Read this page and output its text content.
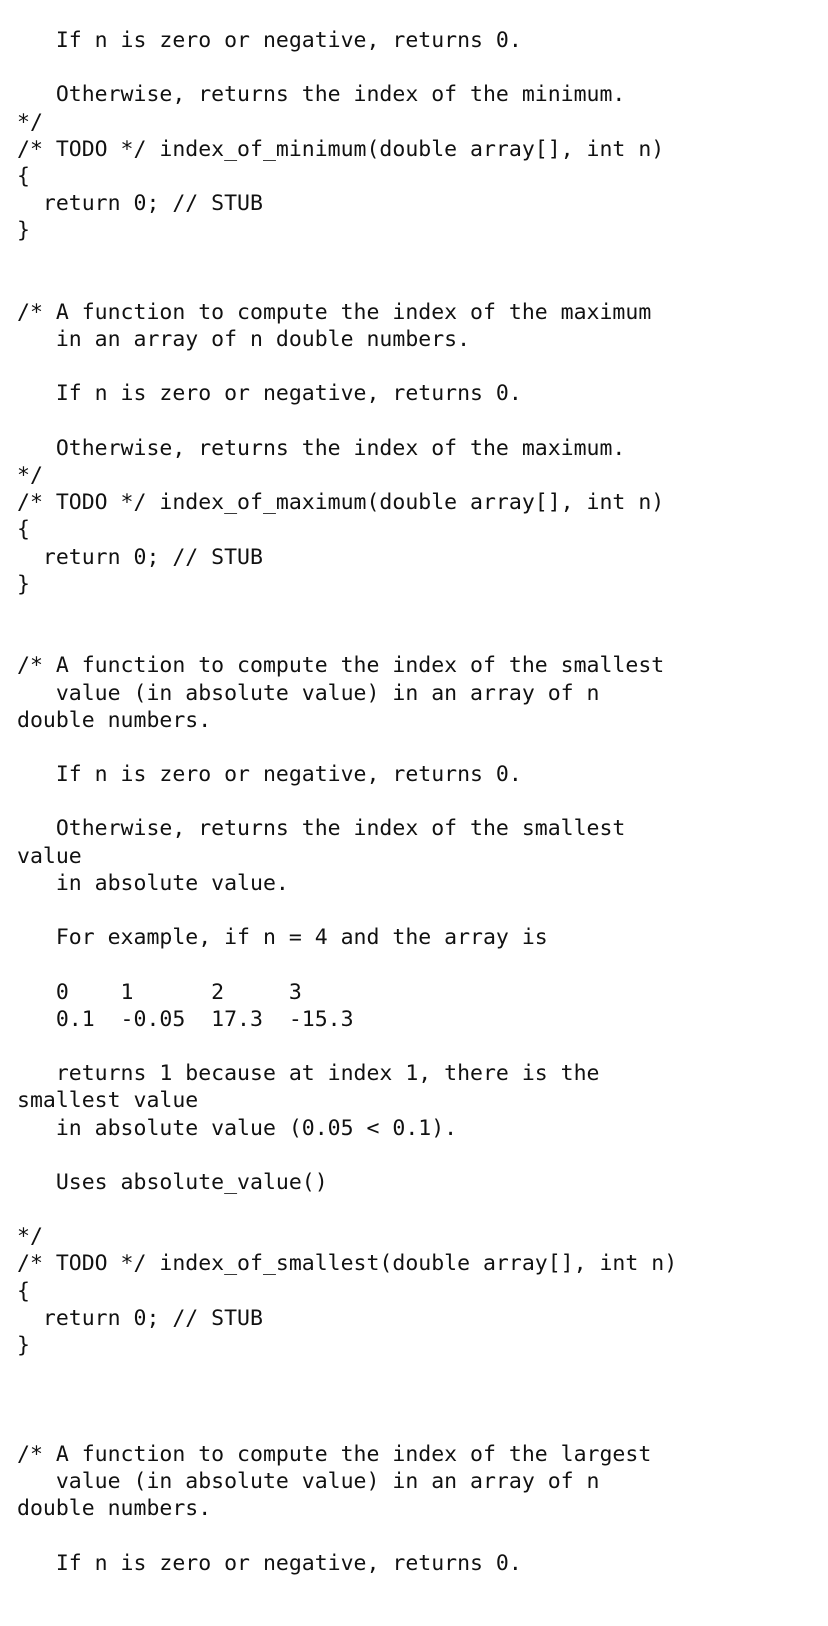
If n is zero or negative, returns 0.
Otherwise, returns the index of the minimum.
*/
/* TODO */ index_of_minimum(double array[], int n)
{
return 0; // STUB
}
/* A function to compute the index of the maximum
in an array of n double numbers.
If n is zero or negative, returns 0.
Otherwise, returns the index of the maximum.
*/
/* TODO */ index_of_maximum(double array[], int n)
{
return 0; // STUB
}
/* A function to compute the index of the smallest
value (in absolute value) in an array of n
double numbers.
If n is zero or negative, returns 0.
Otherwise, returns the index of the smallest
value
in absolute value.
For example, if n = 4 and the array is
0    1      2     3
0.1  -0.05  17.3  -15.3
returns 1 because at index 1, there is the
smallest value
in absolute value (0.05 < 0.1).
Uses absolute_value()
*/
/* TODO */ index_of_smallest(double array[], int n)
{
return 0; // STUB
}
/* A function to compute the index of the largest
value (in absolute value) in an array of n
double numbers.
If n is zero or negative, returns 0.
